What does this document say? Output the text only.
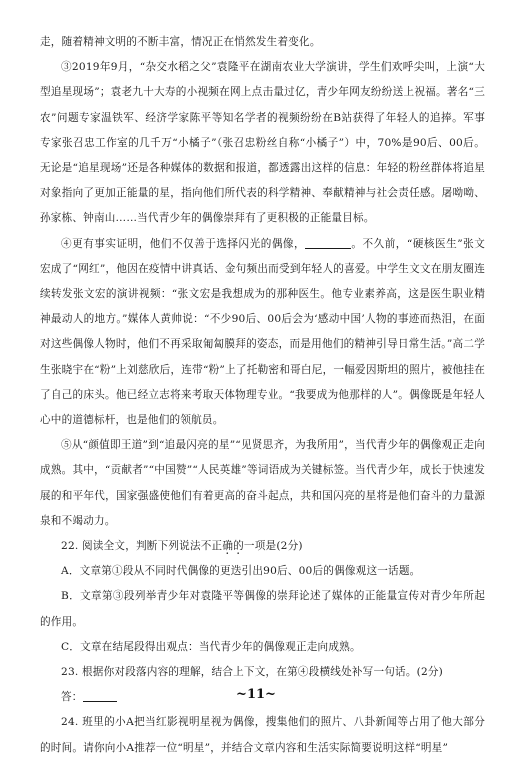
走，随着精神文明的不断丰富，情况正在悄然发生着变化。

③2019年9月，“杂交水稻之父”袁隆平在湖南农业大学演讲，学生们欢呼尖叫，上演“大型追星现场”；袁老九十大寿的小视频在网上点击量过亿，青少年网友纷纷送上祝福。著名“三农”问题专家温铁军、经济学家陈平等知名学者的视频纷纷在B站获得了年轻人的追捧。军事专家张召忠工作室的几千万“小橘子”（张召忠粉丝自称“小橘子”）中，70%是90后、00后。无论是“追星现场”还是各种媒体的数据和报道，都透露出这样的信息：年轻的粉丝群体将追星对象指向了更加正能量的星，指向他们所代表的科学精神、奉献精神与社会责任感。屠呦呦、孙家栋、钟南山……当代青少年的偶像崇拜有了更积极的正能量目标。

④更有事实证明，他们不仅善于选择闪光的偶像，	。不久前，“硬核医生”张文宏成了“网红”，他因在疫情中讲真话、金句频出而受到年轻人的喜爱。中学生文文在朋友圈连续转发张文宏的演讲视频：“张文宏是我想成为的那种医生。他专业素养高，这是医生职业精神最动人的地方。”媒体人黄帅说：“不少90后、00后会为‘感动中国’人物的事迹而热泪，在面对这些偶像人物时，他们不再采取匍匐膜拜的姿态，而是用他们的精神引导日常生活。”高二学生张晓宇在“粉”上刘慈欣后，连带“粉”上了托勒密和哥白尼，一幅爱因斯坦的照片，被他挂在了自己的床头。他已经立志将来考取天体物理专业。“我要成为他那样的人”。偶像既是年轻人心中的道德标杆，也是他们的领航员。

⑤从“颜值即王道”到“追最闪亮的星”“见贤思齐，为我所用”，当代青少年的偶像观正走向成熟。其中，“贡献者”“中国赞”“人民英雄”等词语成为关键标签。当代青少年，成长于快速发展的和平年代，国家强盛使他们有着更高的奋斗起点，共和国闪亮的星将是他们奋斗的力量源泉和不竭动力。

22. 阅读全文，判断下列说法不正确的一项是(2分)

A．文章第①段从不同时代偶像的更迭引出90后、00后的偶像观这一话题。

B．文章第③段列举青少年对袁隆平等偶像的崇拜论述了媒体的正能量宣传对青少年所起的作用。

C．文章在结尾段得出观点：当代青少年的偶像观正走向成熟。

23. 根据你对段落内容的理解，结合上下文，在第④段横线处补写一句话。(2分)

答：

24. 班里的小A把当红影视明星视为偶像，搜集他们的照片、八卦新闻等占用了他大部分的时间。请你向小A推荐一位“明星”，并结合文章内容和生活实际简要说明这样“明星”

~11~
